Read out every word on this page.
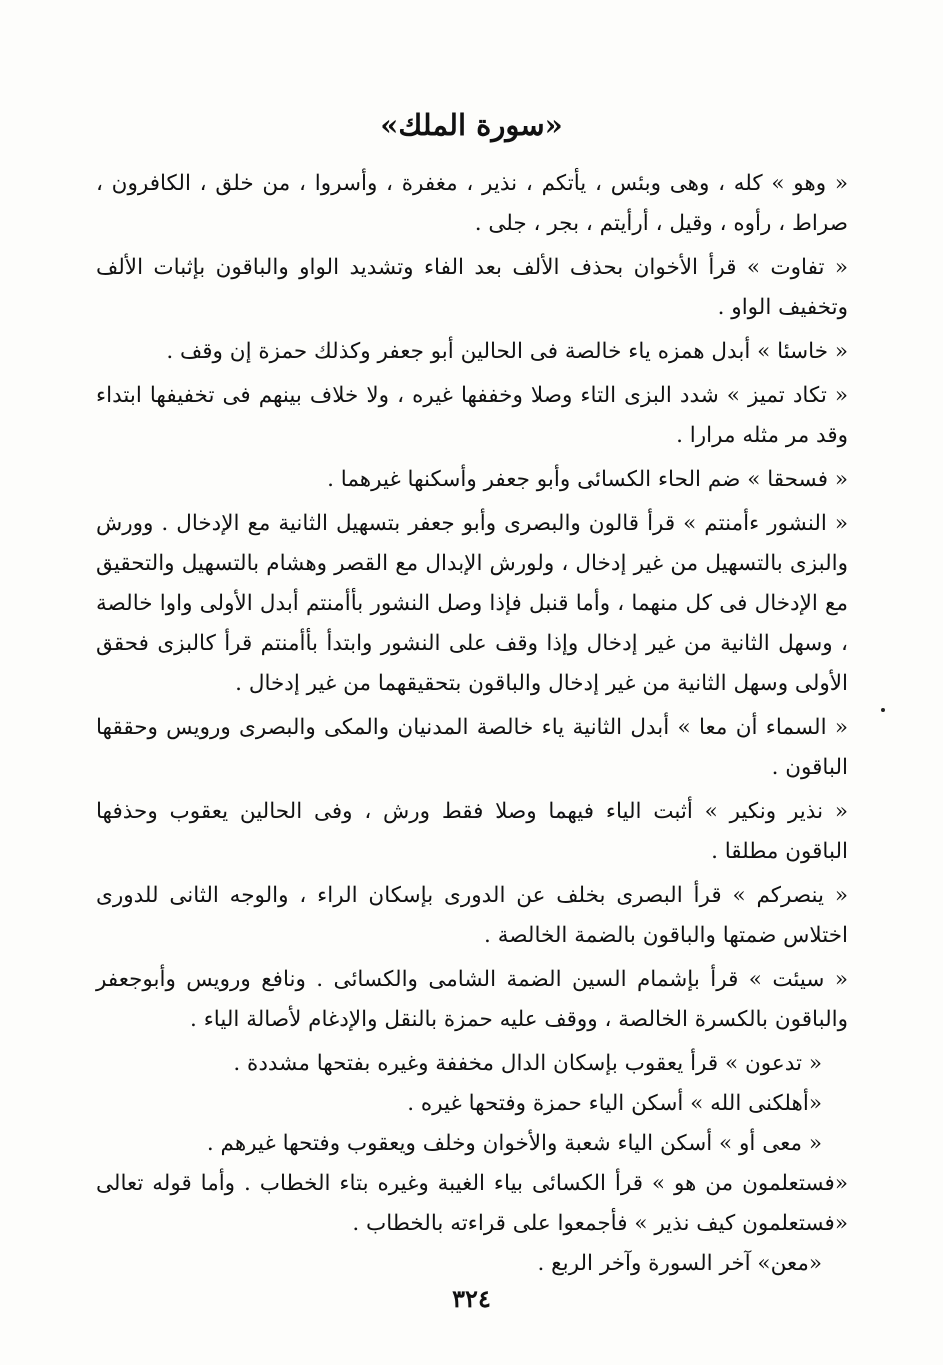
«سورة الملك»

« وهو » كله ، وهى وبئس ، يأتكم ، نذير ، مغفرة ، وأسروا ، من خلق ، الكافرون ، صراط ، رأوه ، وقيل ، أرأيتم ، بجر ، جلى .

« تفاوت » قرأ الأخوان بحذف الألف بعد الفاء وتشديد الواو والباقون بإثبات الألف وتخفيف الواو .

« خاسئا » أبدل همزه ياء خالصة فى الحالين أبو جعفر وكذلك حمزة إن وقف .

« تكاد تميز » شدد البزى التاء وصلا وخففها غيره ، ولا خلاف بينهم فى تخفيفها ابتداء وقد مر مثله مرارا .

« فسحقا » ضم الحاء الكسائى وأبو جعفر وأسكنها غيرهما .

« النشور ءأمنتم » قرأ قالون والبصرى وأبو جعفر بتسهيل الثانية مع الإدخال . وورش والبزى بالتسهيل من غير إدخال ، ولورش الإبدال مع القصر وهشام بالتسهيل والتحقيق مع الإدخال فى كل منهما ، وأما قنبل فإذا وصل النشور بأأمنتم أبدل الأولى واوا خالصة ، وسهل الثانية من غير إدخال وإذا وقف على النشور وابتدأ بأأمنتم قرأ كالبزى فحقق الأولى وسهل الثانية من غير إدخال والباقون بتحقيقهما من غير إدخال .

« السماء أن معا » أبدل الثانية ياء خالصة المدنيان والمكى والبصرى ورويس وحققها الباقون .

« نذير ونكير » أثبت الياء فيهما وصلا فقط ورش ، وفى الحالين يعقوب وحذفها الباقون مطلقا .

« ينصركم » قرأ البصرى بخلف عن الدورى بإسكان الراء ، والوجه الثانى للدورى اختلاس ضمتها والباقون بالضمة الخالصة .

« سيئت » قرأ بإشمام السين الضمة الشامى والكسائى . ونافع ورويس وأبوجعفر والباقون بالكسرة الخالصة ، ووقف عليه حمزة بالنقل والإدغام لأصالة الياء .

« تدعون » قرأ يعقوب بإسكان الدال مخففة وغيره بفتحها مشددة .

«أهلكنى الله » أسكن الياء حمزة وفتحها غيره .

« معى أو » أسكن الياء شعبة والأخوان وخلف ويعقوب وفتحها غيرهم .

«فستعلمون من هو » قرأ الكسائى بياء الغيبة وغيره بتاء الخطاب . وأما قوله تعالى «فستعلمون كيف نذير » فأجمعوا على قراءته بالخطاب .

«معن» آخر السورة وآخر الربع .

٣٢٤
